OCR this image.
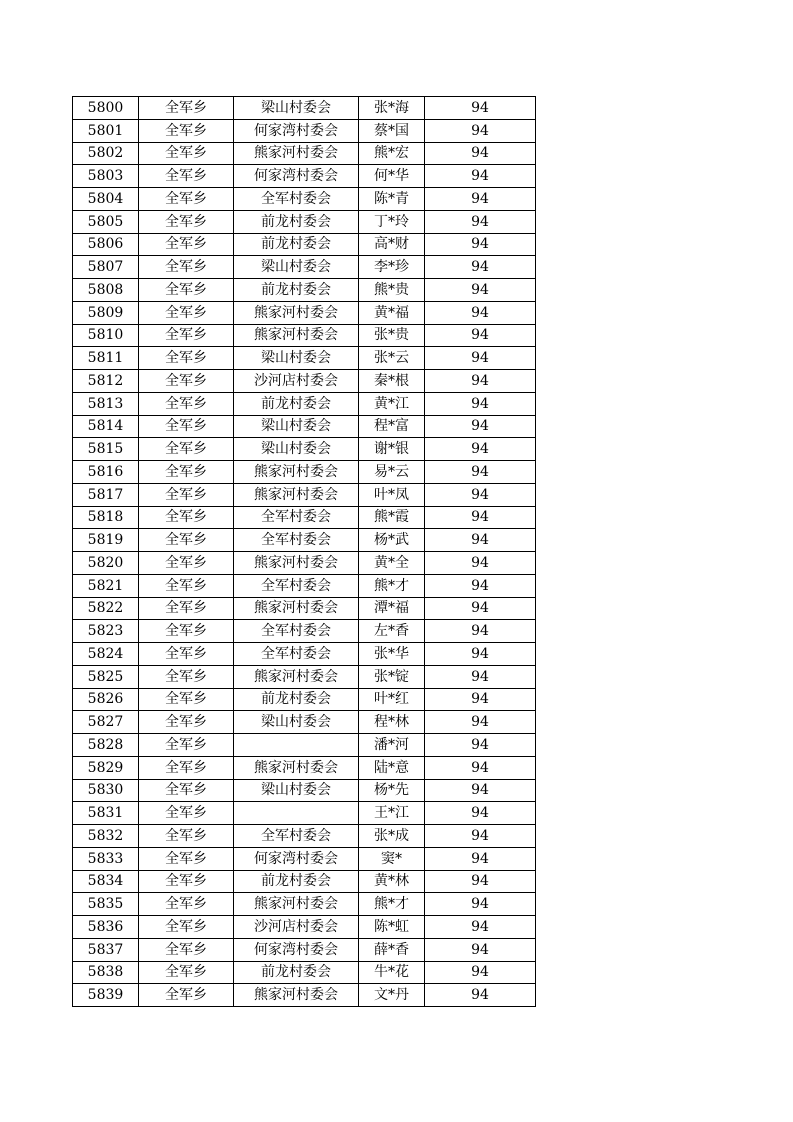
5800	全军乡	梁山村委会	张*海	94
5801	全军乡	何家湾村委会	蔡*国	94
5802	全军乡	熊家河村委会	熊*宏	94
5803	全军乡	何家湾村委会	何*华	94
5804	全军乡	全军村委会	陈*青	94
5805	全军乡	前龙村委会	丁*玲	94
5806	全军乡	前龙村委会	高*财	94
5807	全军乡	梁山村委会	李*珍	94
5808	全军乡	前龙村委会	熊*贵	94
5809	全军乡	熊家河村委会	黄*福	94
5810	全军乡	熊家河村委会	张*贵	94
5811	全军乡	梁山村委会	张*云	94
5812	全军乡	沙河店村委会	秦*根	94
5813	全军乡	前龙村委会	黄*江	94
5814	全军乡	梁山村委会	程*富	94
5815	全军乡	梁山村委会	谢*银	94
5816	全军乡	熊家河村委会	易*云	94
5817	全军乡	熊家河村委会	叶*凤	94
5818	全军乡	全军村委会	熊*霞	94
5819	全军乡	全军村委会	杨*武	94
5820	全军乡	熊家河村委会	黄*全	94
5821	全军乡	全军村委会	熊*才	94
5822	全军乡	熊家河村委会	潭*福	94
5823	全军乡	全军村委会	左*香	94
5824	全军乡	全军村委会	张*华	94
5825	全军乡	熊家河村委会	张*锭	94
5826	全军乡	前龙村委会	叶*红	94
5827	全军乡	梁山村委会	程*林	94
5828	全军乡		潘*河	94
5829	全军乡	熊家河村委会	陆*意	94
5830	全军乡	梁山村委会	杨*先	94
5831	全军乡		王*江	94
5832	全军乡	全军村委会	张*成	94
5833	全军乡	何家湾村委会	窦*	94
5834	全军乡	前龙村委会	黄*林	94
5835	全军乡	熊家河村委会	熊*才	94
5836	全军乡	沙河店村委会	陈*虹	94
5837	全军乡	何家湾村委会	薛*香	94
5838	全军乡	前龙村委会	牛*花	94
5839	全军乡	熊家河村委会	文*丹	94
